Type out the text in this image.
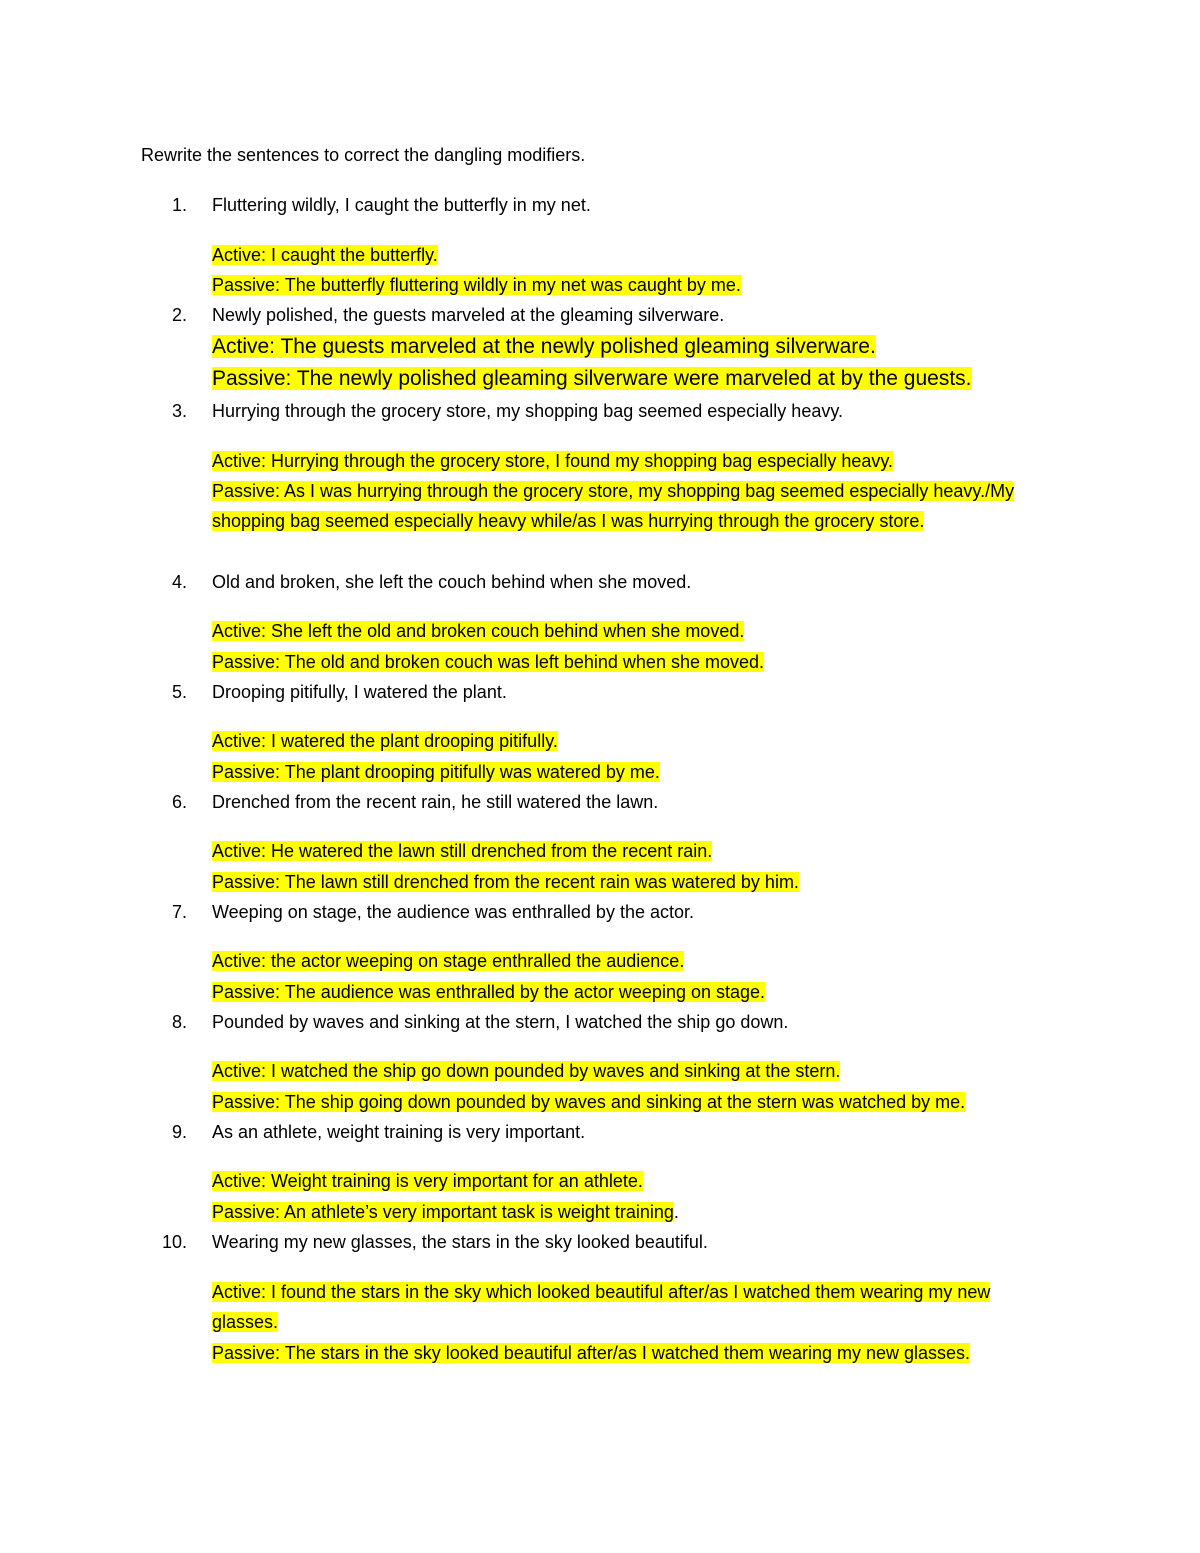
Rewrite the sentences to correct the dangling modifiers.
1. Fluttering wildly, I caught the butterfly in my net.
Active: I caught the butterfly.
Passive: The butterfly fluttering wildly in my net was caught by me.
2. Newly polished, the guests marveled at the gleaming silverware.
Active: The guests marveled at the newly polished gleaming silverware.
Passive: The newly polished gleaming silverware were marveled at by the guests.
3. Hurrying through the grocery store, my shopping bag seemed especially heavy.
Active: Hurrying through the grocery store, I found my shopping bag especially heavy.
Passive: As I was hurrying through the grocery store, my shopping bag seemed especially heavy./My shopping bag seemed especially heavy while/as I was hurrying through the grocery store.
4. Old and broken, she left the couch behind when she moved.
Active: She left the old and broken couch behind when she moved.
Passive: The old and broken couch was left behind when she moved.
5. Drooping pitifully, I watered the plant.
Active: I watered the plant drooping pitifully.
Passive: The plant drooping pitifully was watered by me.
6. Drenched from the recent rain, he still watered the lawn.
Active: He watered the lawn still drenched from the recent rain.
Passive: The lawn still drenched from the recent rain was watered by him.
7. Weeping on stage, the audience was enthralled by the actor.
Active: the actor weeping on stage enthralled the audience.
Passive: The audience was enthralled by the actor weeping on stage.
8. Pounded by waves and sinking at the stern, I watched the ship go down.
Active: I watched the ship go down pounded by waves and sinking at the stern.
Passive: The ship going down pounded by waves and sinking at the stern was watched by me.
9. As an athlete, weight training is very important.
Active: Weight training is very important for an athlete.
Passive: An athlete’s very important task is weight training.
10. Wearing my new glasses, the stars in the sky looked beautiful.
Active: I found the stars in the sky which looked beautiful after/as I watched them wearing my new glasses.
Passive: The stars in the sky looked beautiful after/as I watched them wearing my new glasses.
